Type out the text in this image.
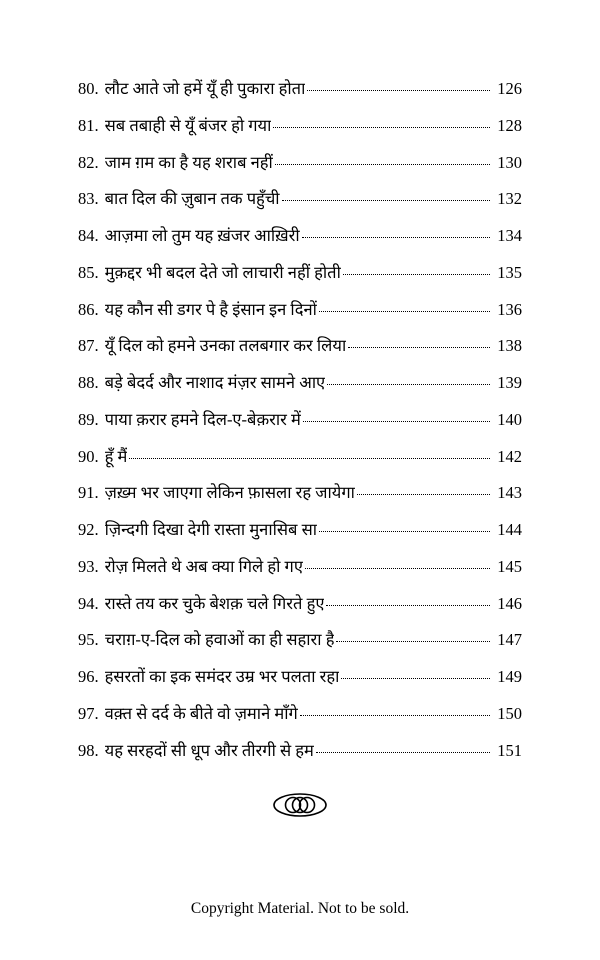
80. लौट आते जो हमें यूँ ही पुकारा होता	126
81. सब तबाही से यूँ बंजर हो गया	128
82. जाम ग़म का है यह शराब नहीं	130
83. बात दिल की ज़ुबान तक पहुँची	132
84. आज़मा लो तुम यह ख़ंजर आख़िरी	134
85. मुक़द्दर भी बदल देते जो लाचारी नहीं होती	135
86. यह कौन सी डगर पे है इंसान इन दिनों	136
87. यूँ दिल को हमने उनका तलबगार कर लिया	138
88. बड़े बेदर्द और नाशाद मंज़र सामने आए	139
89. पाया क़रार हमने दिल-ए-बेक़रार में	140
90. हूँ मैं	142
91. ज़ख़्म भर जाएगा लेकिन फ़ासला रह जायेगा	143
92. ज़िन्दगी दिखा देगी रास्ता मुनासिब सा	144
93. रोज़ मिलते थे अब क्या गिले हो गए	145
94. रास्ते तय कर चुके बेशक़ चले गिरते हुए	146
95. चराग़-ए-दिल को हवाओं का ही सहारा है	147
96. हसरतों का इक समंदर उम्र भर पलता रहा	149
97. वक़्त से दर्द के बीते वो ज़माने माँगे	150
98. यह सरहदों सी धूप और तीरगी से हम	151
Copyright Material. Not to be sold.
